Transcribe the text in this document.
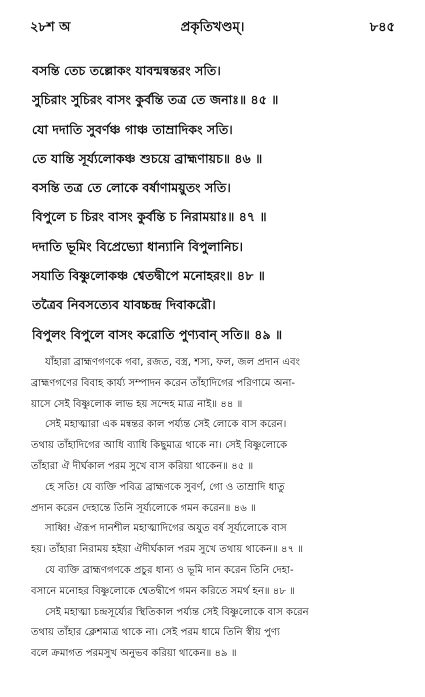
২৮শ অ	প্রকৃতিখণ্ডম্।	৮৪৫
বসন্তি তেচ তল্লোকং যাবন্মন্বন্তরং সতি।
সুচিরাং সুচিরং বাসং কুর্বন্তি তত্র তে জনাঃ॥ ৪৫ ॥
যো দদাতি সুবর্ণঞ্চ গাঞ্চ তাম্রাদিকং সতি।
তে যান্তি সূর্য্যলোকঞ্চ শুচয়ে ব্রাহ্মণায়চ॥ ৪৬ ॥
বসন্তি তত্র তে লোকে বর্ষাণাময়ুতং সতি।
বিপুলে চ চিরং বাসং কুর্বন্তি চ নিরাময়াঃ॥ ৪৭ ॥
দদাতি ভূমিং বিপ্রেভ্যো ধান্যানি বিপুলানিচ।
সযাতি বিষ্ণুলোকঞ্চ শ্বেতদ্বীপে মনোহরং॥ ৪৮ ॥
তত্রৈব নিবসত্যেব যাবচ্চন্দ্র দিবাকরৌ।
বিপুলং বিপুলে বাসং করোতি পুণ্যবান্ সতি॥ ৪৯ ॥
যাঁহারা ব্রাহ্মণগণকে গবা, রজত, বস্ত্র, শস্য, ফল, জল প্রদান এবং
ব্রাহ্মণগণের বিবাহ কার্য্য সম্পাদন করেন তাঁহাদিগের পরিণামে অনা-
য়াসে সেই বিষ্ণুলোক লাভ হয় সন্দেহ মাত্র নাই॥ ৪৪ ॥
সেই মহাত্মারা এক মন্বন্তর কাল পর্য্যন্ত সেই লোকে বাস করেন।
তথায় তাঁহাদিগের আধি ব্যাধি কিছুমাত্র থাকে না। সেই বিষ্ণুলোকে
তাঁহারা ঐ দীর্ঘকাল পরম সুখে বাস করিয়া থাকেন॥ ৪৫ ॥
হে সতি! যে ব্যক্তি পবিত্র ব্রাহ্মণকে সুবর্ণ, গো ও তাম্রাদি ধাতু
প্রদান করেন দেহান্তে তিনি সূর্য্যলোকে গমন করেন॥ ৪৬ ॥
সাধ্বি! ঐরূপ দানশীল মহাত্মাদিগের অযুত বর্ষ সূর্য্যলোকে বাস
হয়। তাঁহারা নিরাময় হইয়া ঐদীর্ঘকাল পরম সুখে তথায় থাকেন॥ ৪৭ ॥
যে ব্যক্তি ব্রাহ্মণগণকে প্রচুর ধান্য ও ভূমি দান করেন তিনি দেহা-
বসানে মনোহর বিষ্ণুলোকে শ্বেতদ্বীপে গমন করিতে সমর্থ হন॥ ৪৮ ॥
সেই মহাত্মা চন্দ্রসূর্য্যের স্থিতিকাল পর্য্যন্ত সেই বিষ্ণুলোকে বাস করেন
তথায় তাঁহার ক্লেশমাত্র থাকে না। সেই পরম ধামে তিনি স্বীয় পুণ্য
বলে ক্রমাগত পরমসুখ অনুভব করিয়া থাকেন॥ ৪৯ ॥
